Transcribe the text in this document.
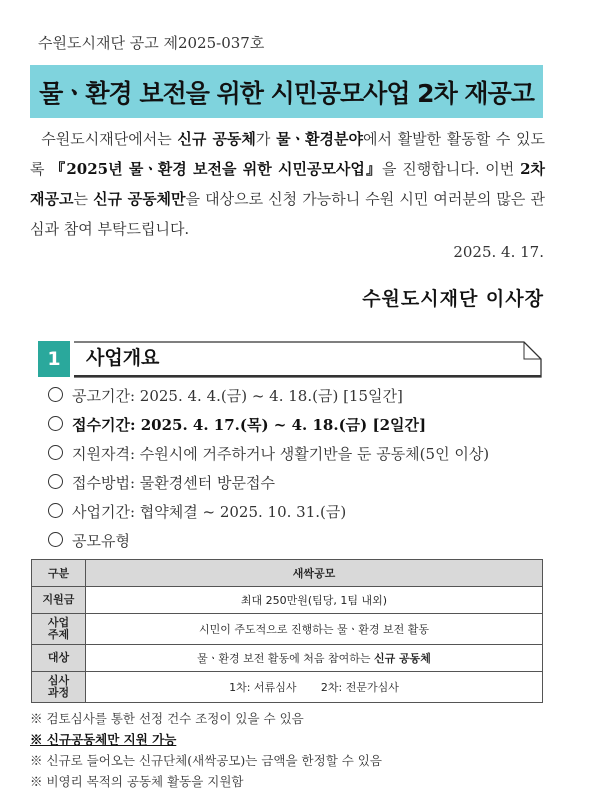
수원도시재단 공고 제2025-037호
물ㆍ환경 보전을 위한 시민공모사업 2차 재공고
수원도시재단에서는 신규 공동체가 물ㆍ환경분야에서 활발한 활동할 수 있도록 『2025년 물ㆍ환경 보전을 위한 시민공모사업』을 진행합니다. 이번 2차 재공고는 신규 공동체만을 대상으로 신청 가능하니 수원 시민 여러분의 많은 관심과 참여 부탁드립니다.
2025. 4. 17.
수원도시재단 이사장
1	사업개요
공고기간: 2025. 4. 4.(금) ~ 4. 18.(금) [15일간]
접수기간: 2025. 4. 17.(목) ~ 4. 18.(금) [2일간]
지원자격: 수원시에 거주하거나 생활기반을 둔 공동체(5인 이상)
접수방법: 물환경센터 방문접수
사업기간: 협약체결 ~ 2025. 10. 31.(금)
공모유형
구분	새싹공모
지원금	최대 250만원(팀당, 1팀 내외)
사업
주제	시민이 주도적으로 진행하는 물ㆍ환경 보전 활동
대상	물ㆍ환경 보전 활동에 처음 참여하는 신규 공동체
심사
과정	1차: 서류심사       2차: 전문가심사
※ 검토심사를 통한 선정 건수 조정이 있을 수 있음
※ 신규공동체만 지원 가능
※ 신규로 들어오는 신규단체(새싹공모)는 금액을 한정할 수 있음
※ 비영리 목적의 공동체 활동을 지원함
